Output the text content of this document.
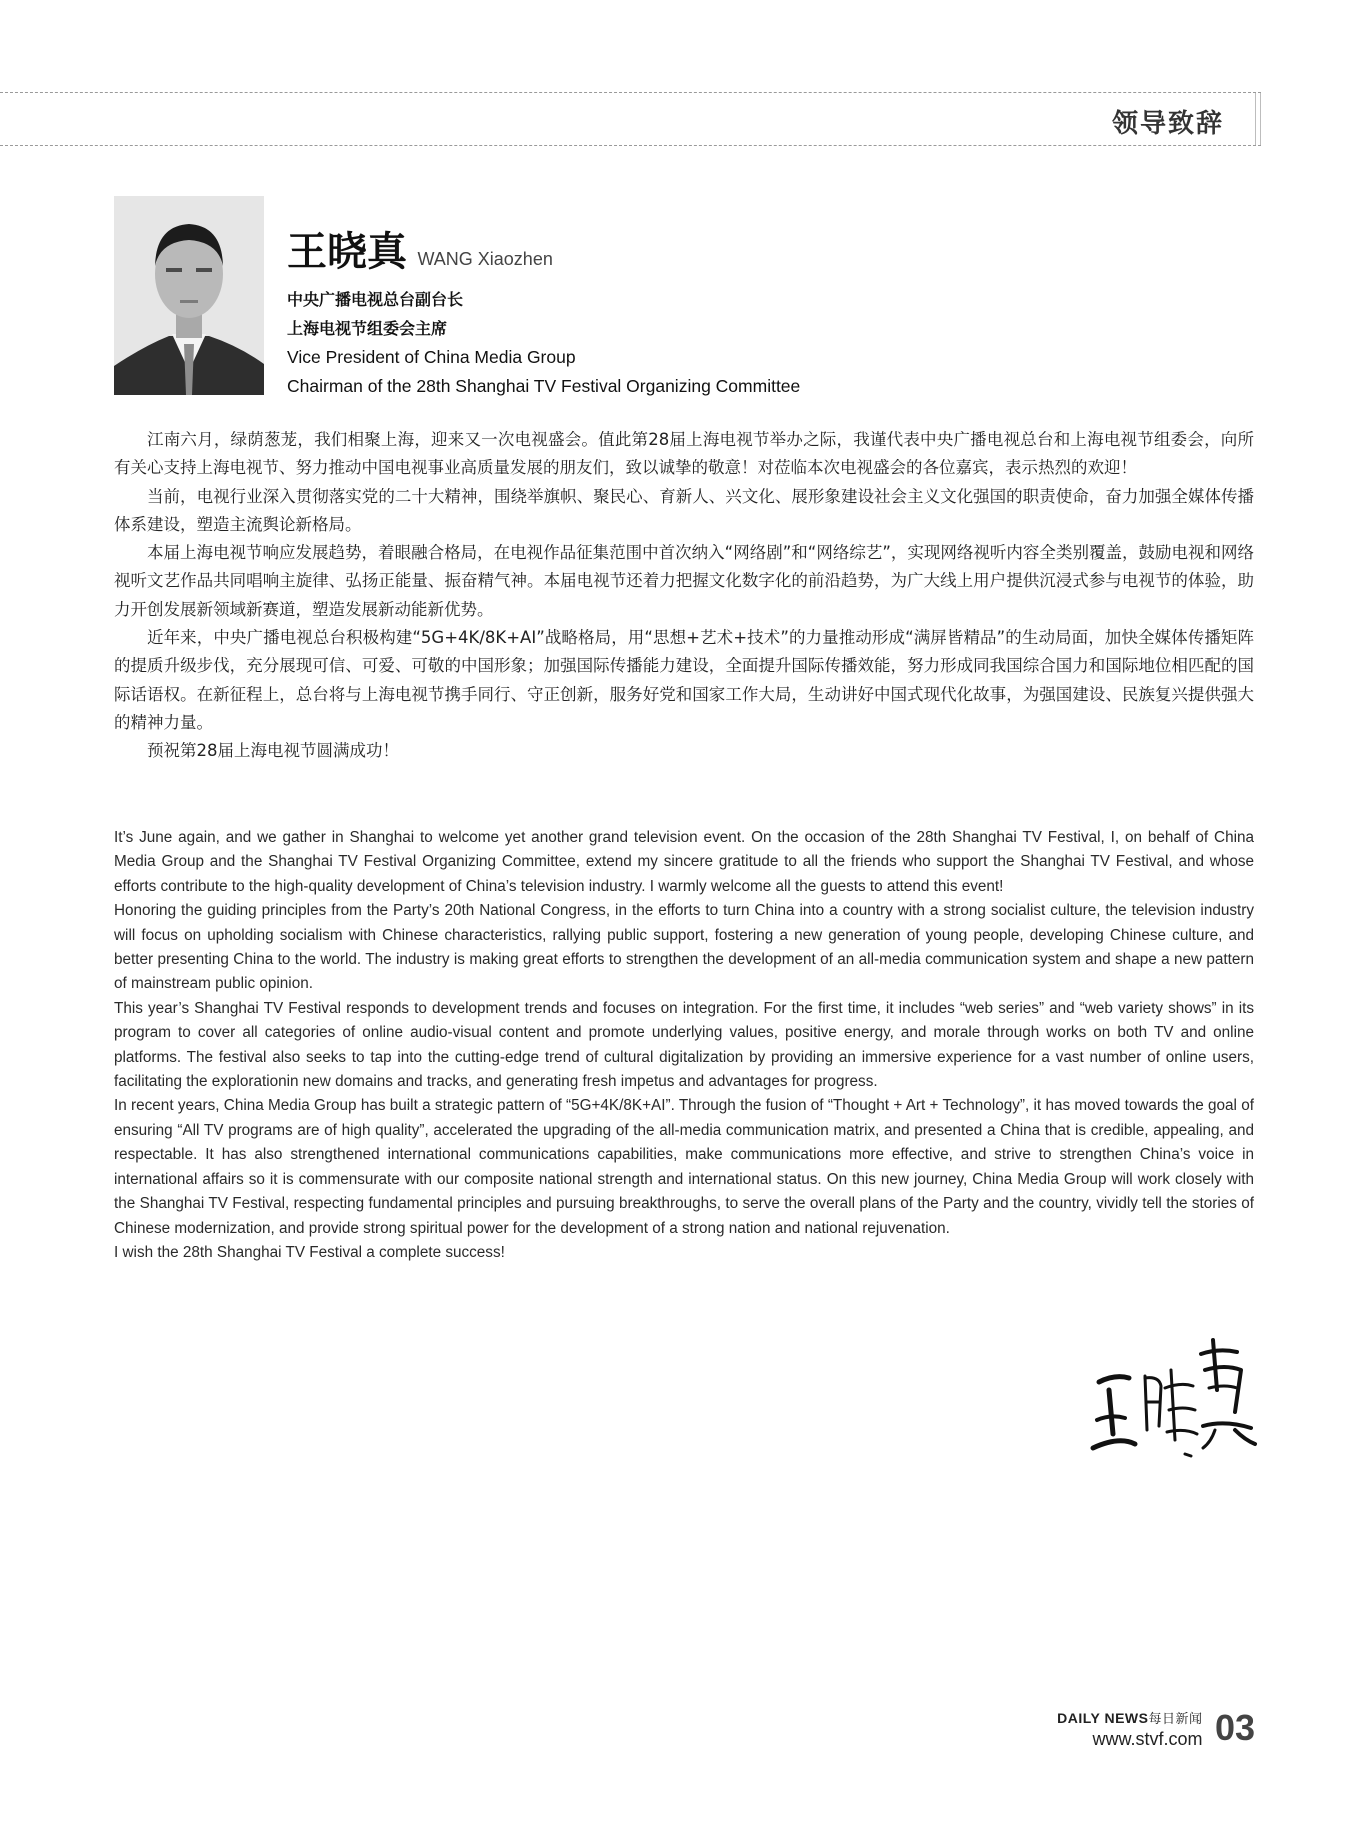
领导致辞
王晓真 WANG Xiaozhen
中央广播电视总台副台长
上海电视节组委会主席
Vice President of China Media Group
Chairman of the 28th Shanghai TV Festival Organizing Committee

江南六月，绿荫葱茏，我们相聚上海，迎来又一次电视盛会。值此第28届上海电视节举办之际，我谨代表中央广播电视总台和上海电视节组委会，向所有关心支持上海电视节、努力推动中国电视事业高质量发展的朋友们，致以诚挚的敬意！对莅临本次电视盛会的各位嘉宾，表示热烈的欢迎！

当前，电视行业深入贯彻落实党的二十大精神，围绕举旗帜、聚民心、育新人、兴文化、展形象建设社会主义文化强国的职责使命，奋力加强全媒体传播体系建设，塑造主流舆论新格局。

本届上海电视节响应发展趋势，着眼融合格局，在电视作品征集范围中首次纳入“网络剧”和“网络综艺”，实现网络视听内容全类别覆盖，鼓励电视和网络视听文艺作品共同唱响主旋律、弘扬正能量、振奋精气神。本届电视节还着力把握文化数字化的前沿趋势，为广大线上用户提供沉浸式参与电视节的体验，助力开创发展新领域新赛道，塑造发展新动能新优势。

近年来，中央广播电视总台积极构建“5G+4K/8K+AI”战略格局，用“思想+艺术+技术”的力量推动形成“满屏皆精品”的生动局面，加快全媒体传播矩阵的提质升级步伐，充分展现可信、可爱、可敬的中国形象；加强国际传播能力建设，全面提升国际传播效能，努力形成同我国综合国力和国际地位相匹配的国际话语权。在新征程上，总台将与上海电视节携手同行、守正创新，服务好党和国家工作大局，生动讲好中国式现代化故事，为强国建设、民族复兴提供强大的精神力量。

预祝第28届上海电视节圆满成功！

It’s June again, and we gather in Shanghai to welcome yet another grand television event. On the occasion of the 28th Shanghai TV Festival, I, on behalf of China Media Group and the Shanghai TV Festival Organizing Committee, extend my sincere gratitude to all the friends who support the Shanghai TV Festival, and whose efforts contribute to the high-quality development of China’s television industry. I warmly welcome all the guests to attend this event!

Honoring the guiding principles from the Party’s 20th National Congress, in the efforts to turn China into a country with a strong socialist culture, the television industry will focus on upholding socialism with Chinese characteristics, rallying public support, fostering a new generation of young people, developing Chinese culture, and better presenting China to the world. The industry is making great efforts to strengthen the development of an all-media communication system and shape a new pattern of mainstream public opinion.

This year’s Shanghai TV Festival responds to development trends and focuses on integration. For the first time, it includes “web series” and “web variety shows” in its program to cover all categories of online audio-visual content and promote underlying values, positive energy, and morale through works on both TV and online platforms. The festival also seeks to tap into the cutting-edge trend of cultural digitalization by providing an immersive experience for a vast number of online users, facilitating the explorationin new domains and tracks, and generating fresh impetus and advantages for progress.

In recent years, China Media Group has built a strategic pattern of “5G+4K/8K+AI”. Through the fusion of “Thought + Art + Technology”, it has moved towards the goal of ensuring “All TV programs are of high quality”, accelerated the upgrading of the all-media communication matrix, and presented a China that is credible, appealing, and respectable. It has also strengthened international communications capabilities, make communications more effective, and strive to strengthen China’s voice in international affairs so it is commensurate with our composite national strength and international status. On this new journey, China Media Group will work closely with the Shanghai TV Festival, respecting fundamental principles and pursuing breakthroughs, to serve the overall plans of the Party and the country, vividly tell the stories of Chinese modernization, and provide strong spiritual power for the development of a strong nation and national rejuvenation.

I wish the 28th Shanghai TV Festival a complete success!

DAILY NEWS每日新闻
www.stvf.com 03
